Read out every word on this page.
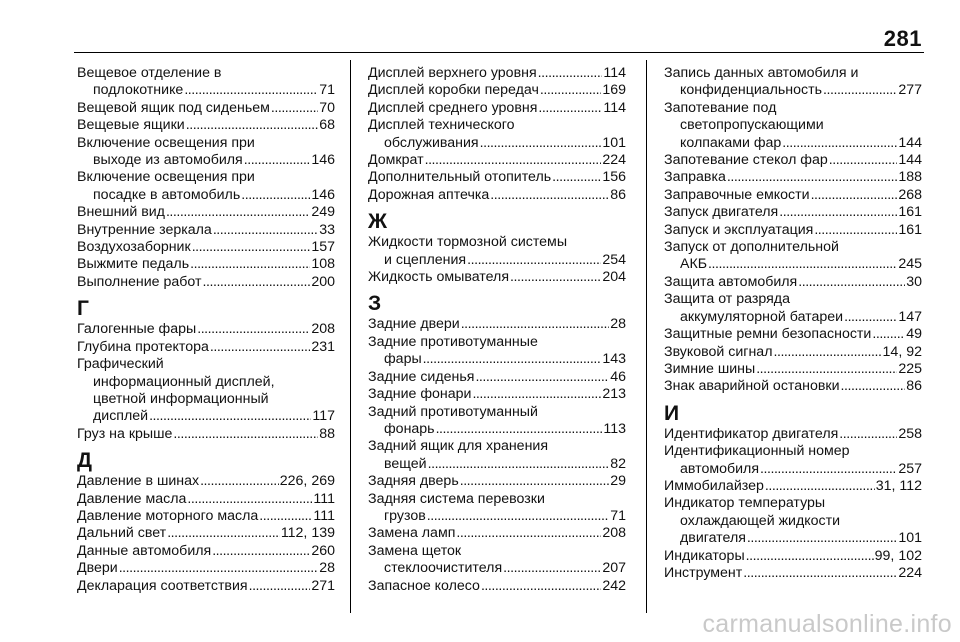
281
Вещевое отделение в
подлокотнике . . .	71
Вещевой ящик под сиденьем . . .	70
Вещевые ящики . . .	68
Включение освещения при
выходе из автомобиля . . .	146
Включение освещения при
посадке в автомобиль . . .	146
Внешний вид . . .	249
Внутренние зеркала . . .	33
Воздухозаборник . . .	157
Выжмите педаль . . .	108
Выполнение работ . . .	200
Г
Галогенные фары . . .	208
Глубина протектора . . .	231
Графический
информационный дисплей,
цветной информационный
дисплей . . .	117
Груз на крыше . . .	88
Д
Давление в шинах . . .	226, 269
Давление масла . . .	111
Давление моторного масла . . .	111
Дальний свет . . .	112, 139
Данные автомобиля . . .	260
Двери . . .	28
Декларация соответствия . . .	271
Дисплей верхнего уровня . . .	114
Дисплей коробки передач . . .	169
Дисплей среднего уровня . . .	114
Дисплей технического
обслуживания . . .	101
Домкрат . . .	224
Дополнительный отопитель . . .	156
Дорожная аптечка . . .	86
Ж
Жидкости тормозной системы
и сцепления . . .	254
Жидкость омывателя . . .	204
З
Задние двери . . .	28
Задние противотуманные
фары . . .	143
Задние сиденья . . .	46
Задние фонари . . .	213
Задний противотуманный
фонарь . . .	113
Задний ящик для хранения
вещей . . .	82
Задняя дверь . . .	29
Задняя система перевозки
грузов . . .	71
Замена ламп . . .	208
Замена щеток
стеклоочистителя . . .	207
Запасное колесо . . .	242
Запись данных автомобиля и
конфиденциальность . . .	277
Запотевание под
светопропускающими
колпаками фар . . .	144
Запотевание стекол фар . . .	144
Заправка . . .	188
Заправочные емкости . . .	268
Запуск двигателя . . .	161
Запуск и эксплуатация . . .	161
Запуск от дополнительной
АКБ . . .	245
Защита автомобиля . . .	30
Защита от разряда
аккумуляторной батареи . . .	147
Защитные ремни безопасности . . . 49
Звуковой сигнал . . .	14, 92
Зимние шины . . .	225
Знак аварийной остановки . . .	86
И
Идентификатор двигателя . . .	258
Идентификационный номер
автомобиля . . .	257
Иммобилайзер . . .	31, 112
Индикатор температуры
охлаждающей жидкости
двигателя . . .	101
Индикаторы . . .	99, 102
Инструмент . . .	224
carmanualsonline.info
